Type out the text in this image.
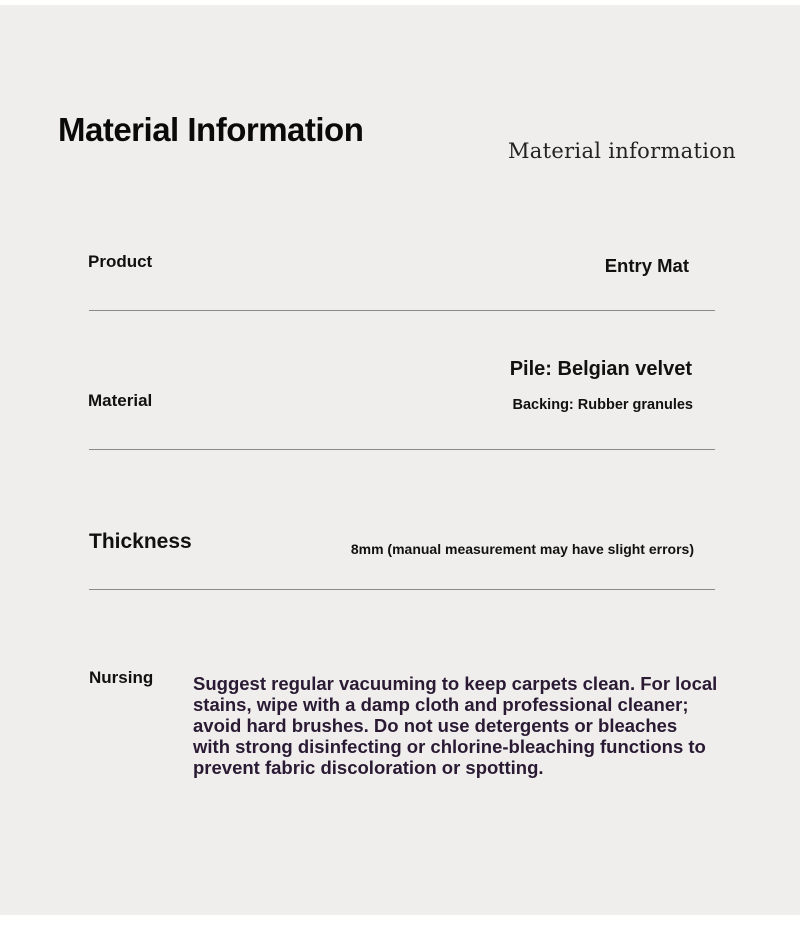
Material Information
Material information
Product	Entry Mat
Material
Pile: Belgian velvet
Backing: Rubber granules
Thickness	8mm (manual measurement may have slight errors)
Nursing Suggest regular vacuuming to keep carpets clean. For local stains, wipe with a damp cloth and professional cleaner; avoid hard brushes. Do not use detergents or bleaches with strong disinfecting or chlorine-bleaching functions to prevent fabric discoloration or spotting.
